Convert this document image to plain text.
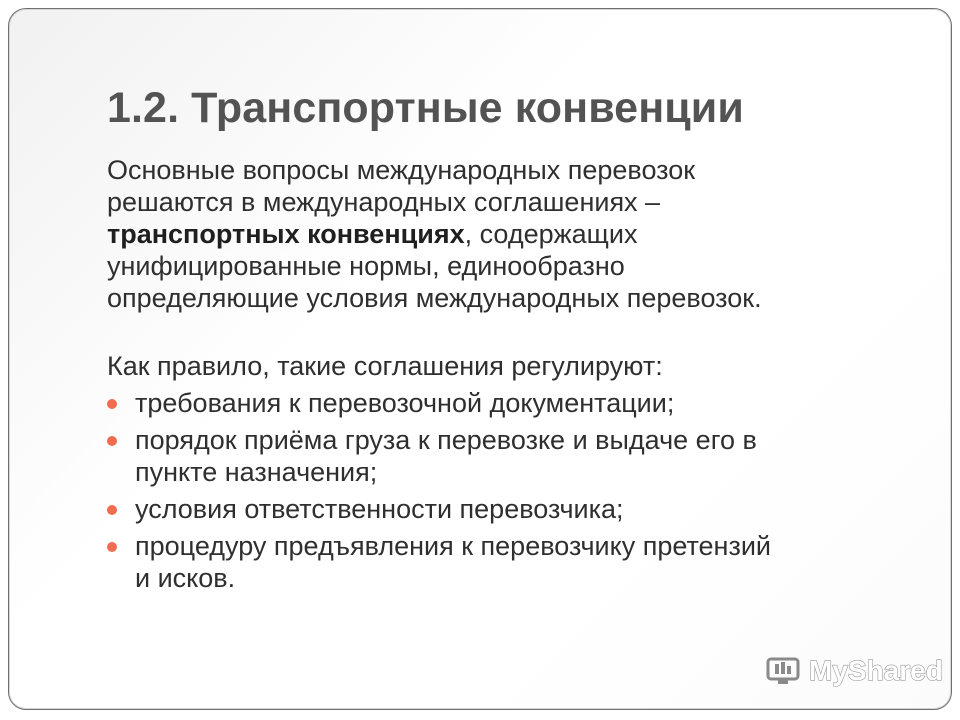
1.2. Транспортные конвенции

Основные вопросы международных перевозок
решаются в международных соглашениях –
транспортных конвенциях, содержащих
унифицированные нормы, единообразно
определяющие условия международных перевозок.

Как правило, такие соглашения регулируют:

требования к перевозочной документации;
порядок приёма груза к перевозке и выдаче его в
пункте назначения;
условия ответственности перевозчика;
процедуру предъявления к перевозчику претензий
и исков.
MyShared
